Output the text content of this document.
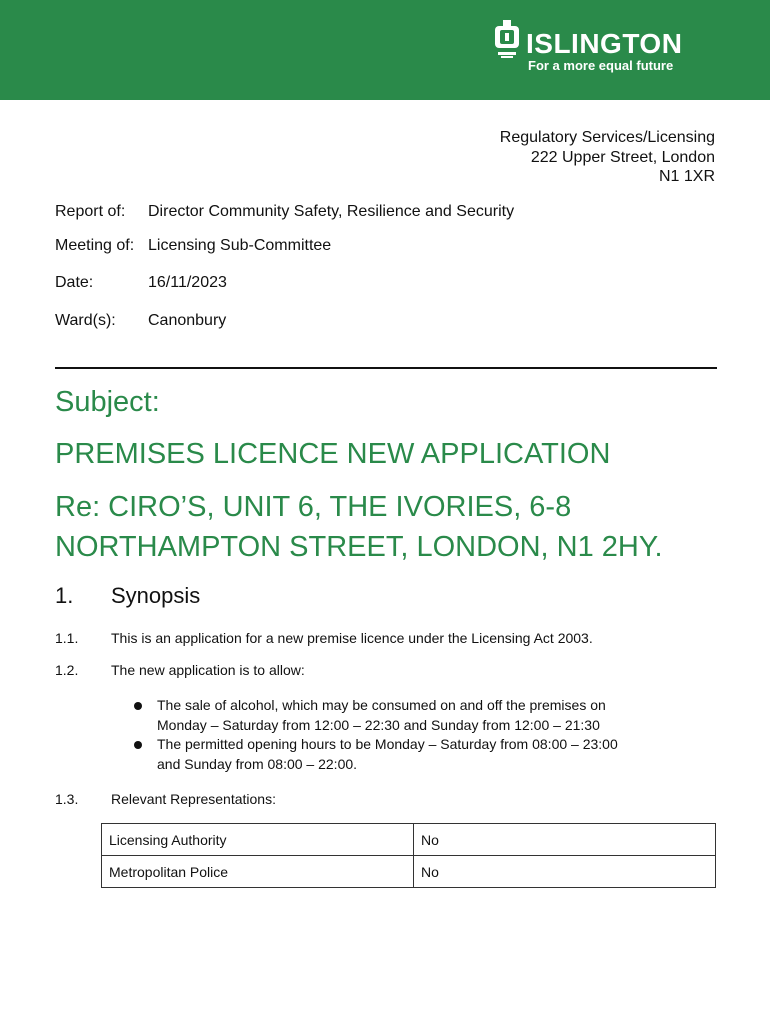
ISLINGTON
For a more equal future
Regulatory Services/Licensing
222 Upper Street, London
N1 1XR
Report of: Director Community Safety, Resilience and Security
Meeting of: Licensing Sub-Committee
Date:	16/11/2023
Ward(s): Canonbury
Subject:
PREMISES LICENCE NEW APPLICATION
Re: CIRO’S, UNIT 6, THE IVORIES, 6-8
NORTHAMPTON STREET, LONDON, N1 2HY.
1. Synopsis
1.1. This is an application for a new premise licence under the Licensing Act 2003.
1.2. The new application is to allow:
The sale of alcohol, which may be consumed on and off the premises on
Monday – Saturday from 12:00 – 22:30 and Sunday from 12:00 – 21:30
The permitted opening hours to be Monday – Saturday from 08:00 – 23:00
and Sunday from 08:00 – 22:00.
1.3. Relevant Representations:
Licensing Authority	No
Metropolitan Police	No
